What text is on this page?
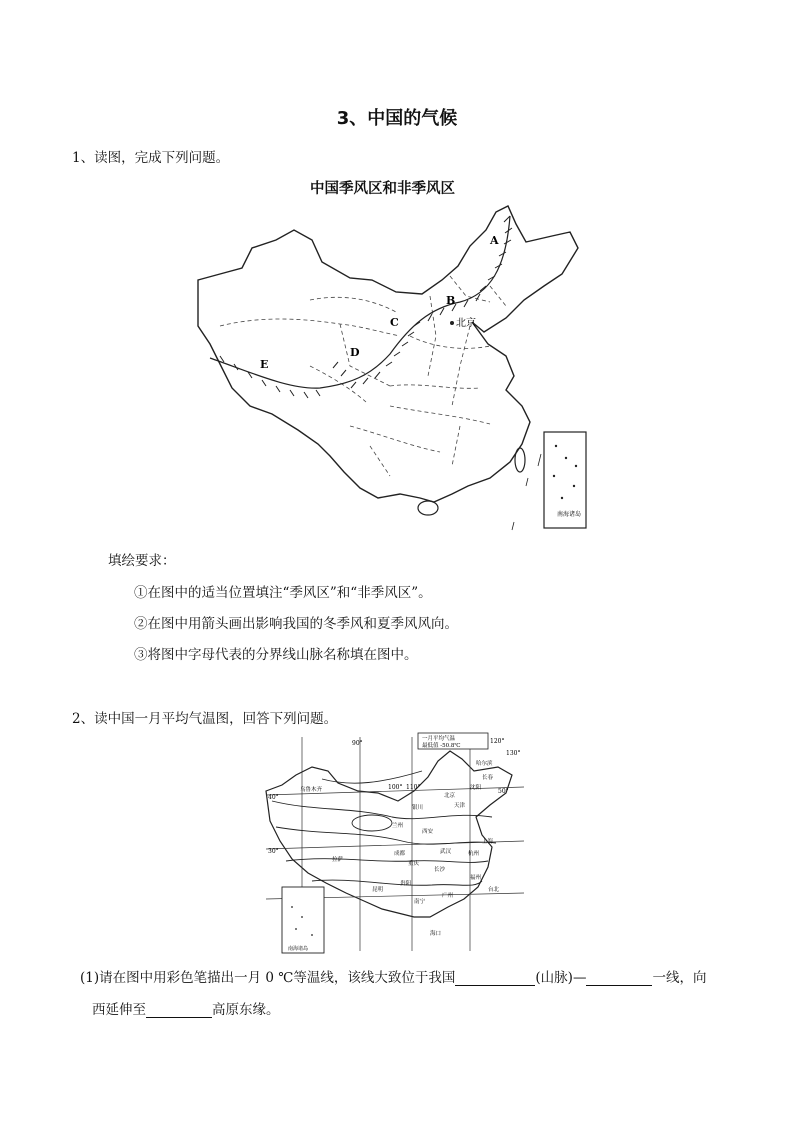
3、中国的气候
1、读图，完成下列问题。
中国季风区和非季风区
A
B
C
D
E
北京
南海诸岛
填绘要求：
①在图中的适当位置填注“季风区”和“非季风区”。
②在图中用箭头画出影响我国的冬季风和夏季风风向。
③将图中字母代表的分界线山脉名称填在图中。
2、读中国一月平均气温图，回答下列问题。
一月平均气温
最低值 -50.8℃
90°
100° 110°
120°
130°
50°
40°
30°
哈尔滨
长春
沈阳
北京
天津
银川
西安
兰州
拉萨
成都
重庆
武汉
长沙
上海
杭州
福州
台北
广州
南宁
昆明
贵阳
海口
乌鲁木齐
南海诸岛
(1)请在图中用彩色笔描出一月 0 ℃等温线，该线大致位于我国	(山脉)—	一线，向
西延伸至	高原东缘。
